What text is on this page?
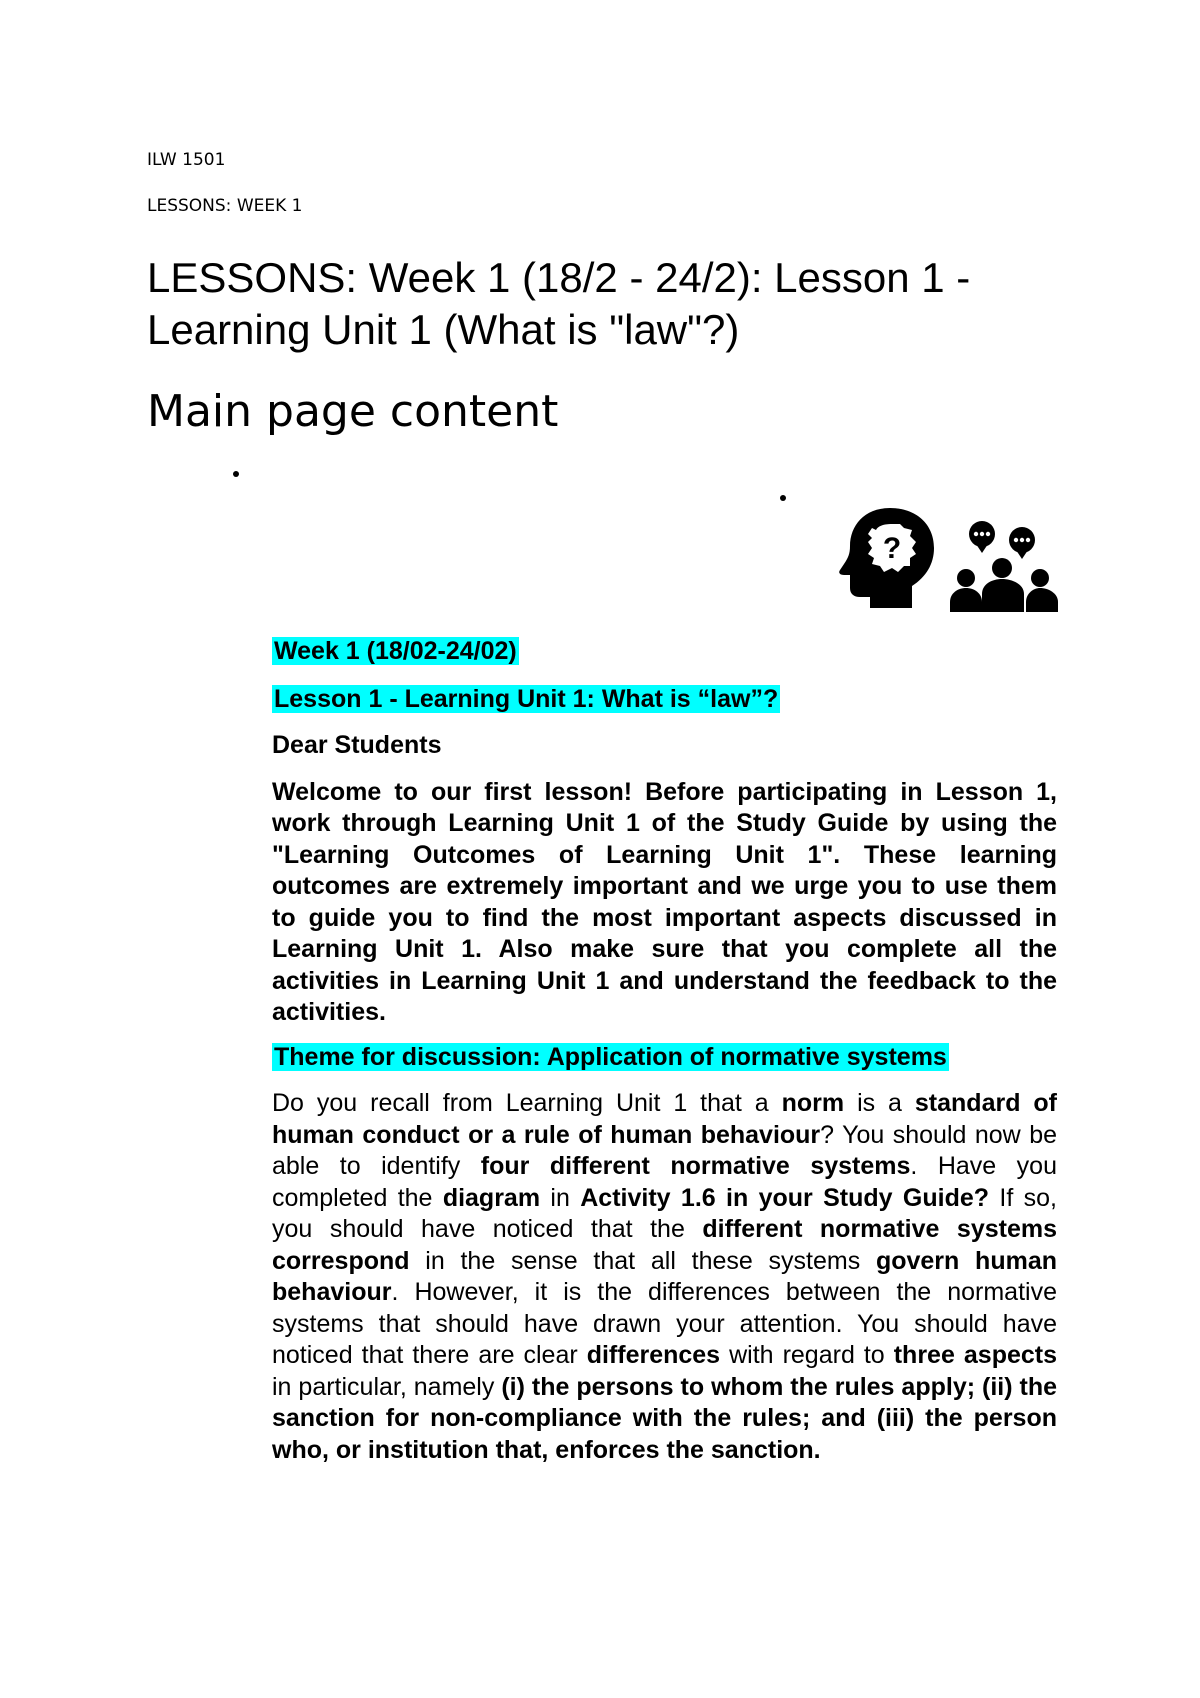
ILW 1501

LESSONS: WEEK 1

LESSONS: Week 1 (18/2 - 24/2): Lesson 1 - Learning Unit 1 (What is "law"?)
Main page content
?

Week 1 (18/02-24/02)

Lesson 1 - Learning Unit 1: What is “law”?

Dear Students

Welcome to our first lesson! Before participating in Lesson 1, work through Learning Unit 1 of the Study Guide by using the "Learning Outcomes of Learning Unit 1". These learning outcomes are extremely important and we urge you to use them to guide you to find the most important aspects discussed in Learning Unit 1. Also make sure that you complete all the activities in Learning Unit 1 and understand the feedback to the activities.

Theme for discussion: Application of normative systems

Do you recall from Learning Unit 1 that a norm is a standard of human conduct or a rule of human behaviour? You should now be able to identify four different normative systems. Have you completed the diagram in Activity 1.6 in your Study Guide? If so, you should have noticed that the different normative systems correspond in the sense that all these systems govern human behaviour. However, it is the differences between the normative systems that should have drawn your attention. You should have noticed that there are clear differences with regard to three aspects in particular, namely (i) the persons to whom the rules apply; (ii) the sanction for non-compliance with the rules; and (iii) the person who, or institution that, enforces the sanction.
